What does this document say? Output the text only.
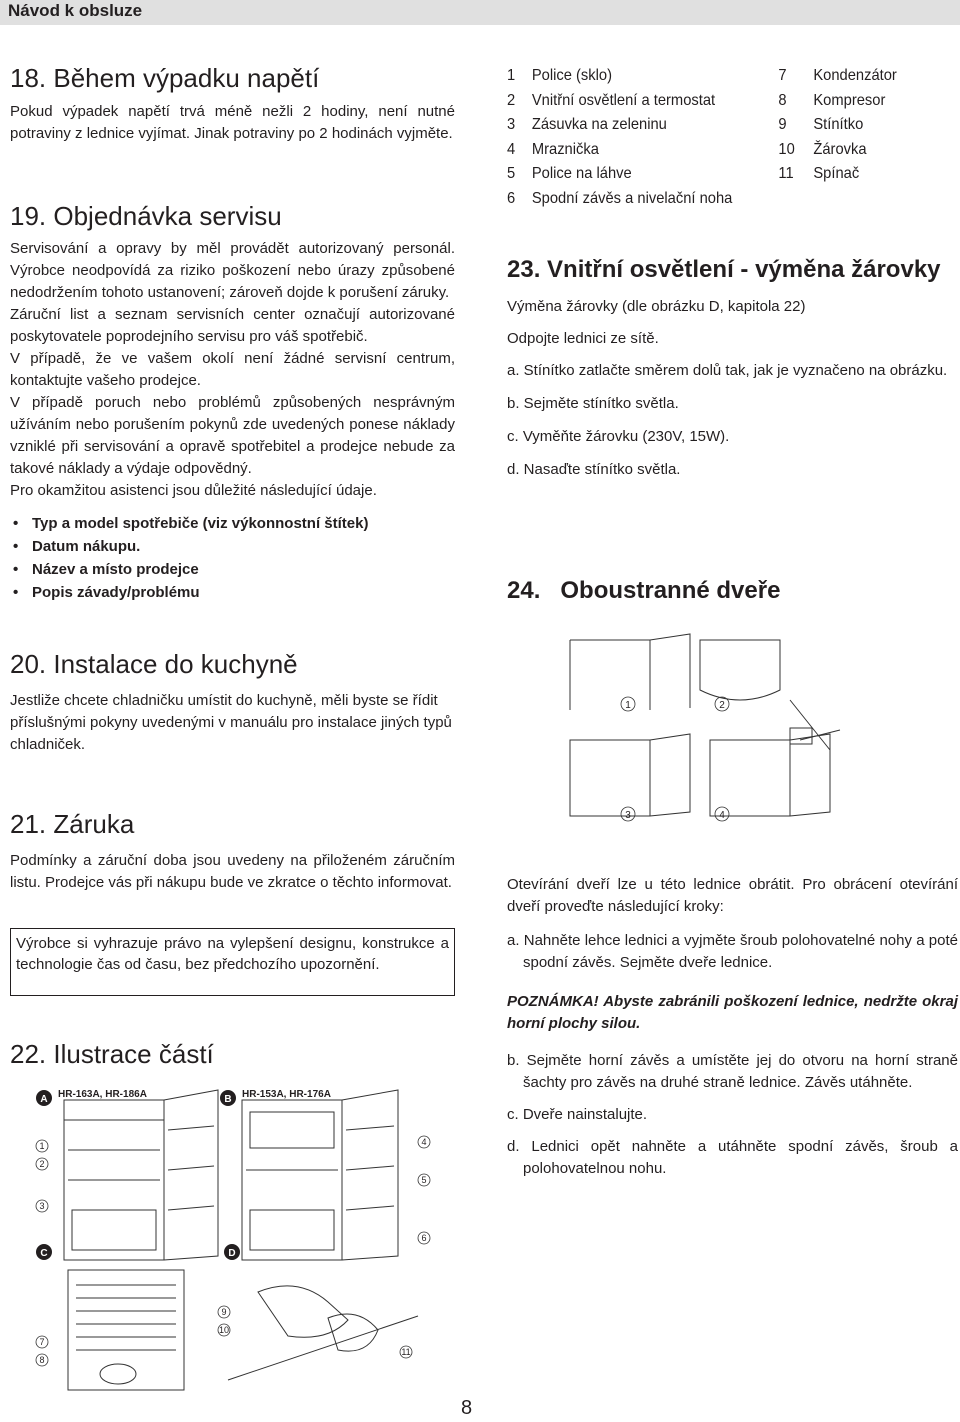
Návod k obsluze
18. Během výpadku napětí

Pokud výpadek napětí trvá méně nežli 2 hodiny, není nutné potraviny z lednice vyjímat. Jinak potraviny po 2 hodinách vyjměte.

19. Objednávka servisu

Servisování a opravy by měl provádět autorizovaný personál. Výrobce neodpovídá za riziko poškození nebo úrazy způsobené nedodržením tohoto ustanovení; zároveň dojde k porušení záruky.

Záruční list a seznam servisních center označují autorizované poskytovatele poprodejního servisu pro váš spotřebič.

V případě, že ve vašem okolí není žádné servisní centrum, kontaktujte vašeho prodejce.

V případě poruch nebo problémů způsobených nesprávným užíváním nebo porušením pokynů zde uvedených ponese náklady vzniklé při servisování a opravě spotřebitel a prodejce nebude za takové náklady a výdaje odpovědný.

Pro okamžitou asistenci jsou důležité následující údaje.

• Typ a model spotřebiče (viz výkonnostní štítek)
• Datum nákupu.
• Název a místo prodejce
• Popis závady/problému
20. Instalace do kuchyně

Jestliže chcete chladničku umístit do kuchyně, měli byste se řídit příslušnými pokyny uvedenými v manuálu pro instalace jiných typů chladniček.

21. Záruka

Podmínky a záruční doba jsou uvedeny na přiloženém záručním listu. Prodejce vás při nákupu bude ve zkratce o těchto informovat.

Výrobce si vyhrazuje právo na vylepšení designu, konstrukce a technologie čas od času, bez předchozího upozornění.
22. Ilustrace částí
A	B
C	D
HR-163A, HR-186A	HR-153A, HR-176A
1
2
3
4
5
6
7
8
9
10
11
1	Police (sklo)	7	Kondenzátor
2	Vnitřní osvětlení a termostat	8	Kompresor
3	Zásuvka na zeleninu	9	Stínítko
4	Mraznička	10	Žárovka
5	Police na láhve	11	Spínač
6	Spodní závěs a nivelační noha		
23. Vnitřní osvětlení - výměna žárovky

Výměna žárovky (dle obrázku D, kapitola 22)

Odpojte lednici ze sítě.

a. Stínítko zatlačte směrem dolů tak, jak je vyznačeno na obrázku.

b. Sejměte stínítko světla.

c. Vyměňte žárovku (230V, 15W).

d. Nasaďte stínítko světla.

24.   Oboustranné dveře
1	2
3	4

Otevírání dveří lze u této lednice obrátit. Pro obrácení otevírání dveří proveďte následující kroky:

a. Nahněte lehce lednici a vyjměte šroub polohovatelné nohy a poté spodní závěs. Sejměte dveře lednice.

POZNÁMKA! Abyste zabránili poškození lednice, nedržte okraj horní plochy silou.

b. Sejměte horní závěs a umístěte jej do otvoru na horní straně šachty pro závěs na druhé straně lednice. Závěs utáhněte.

c. Dveře nainstalujte.

d. Lednici opět nahněte a utáhněte spodní závěs, šroub a polohovatelnou nohu.

8
